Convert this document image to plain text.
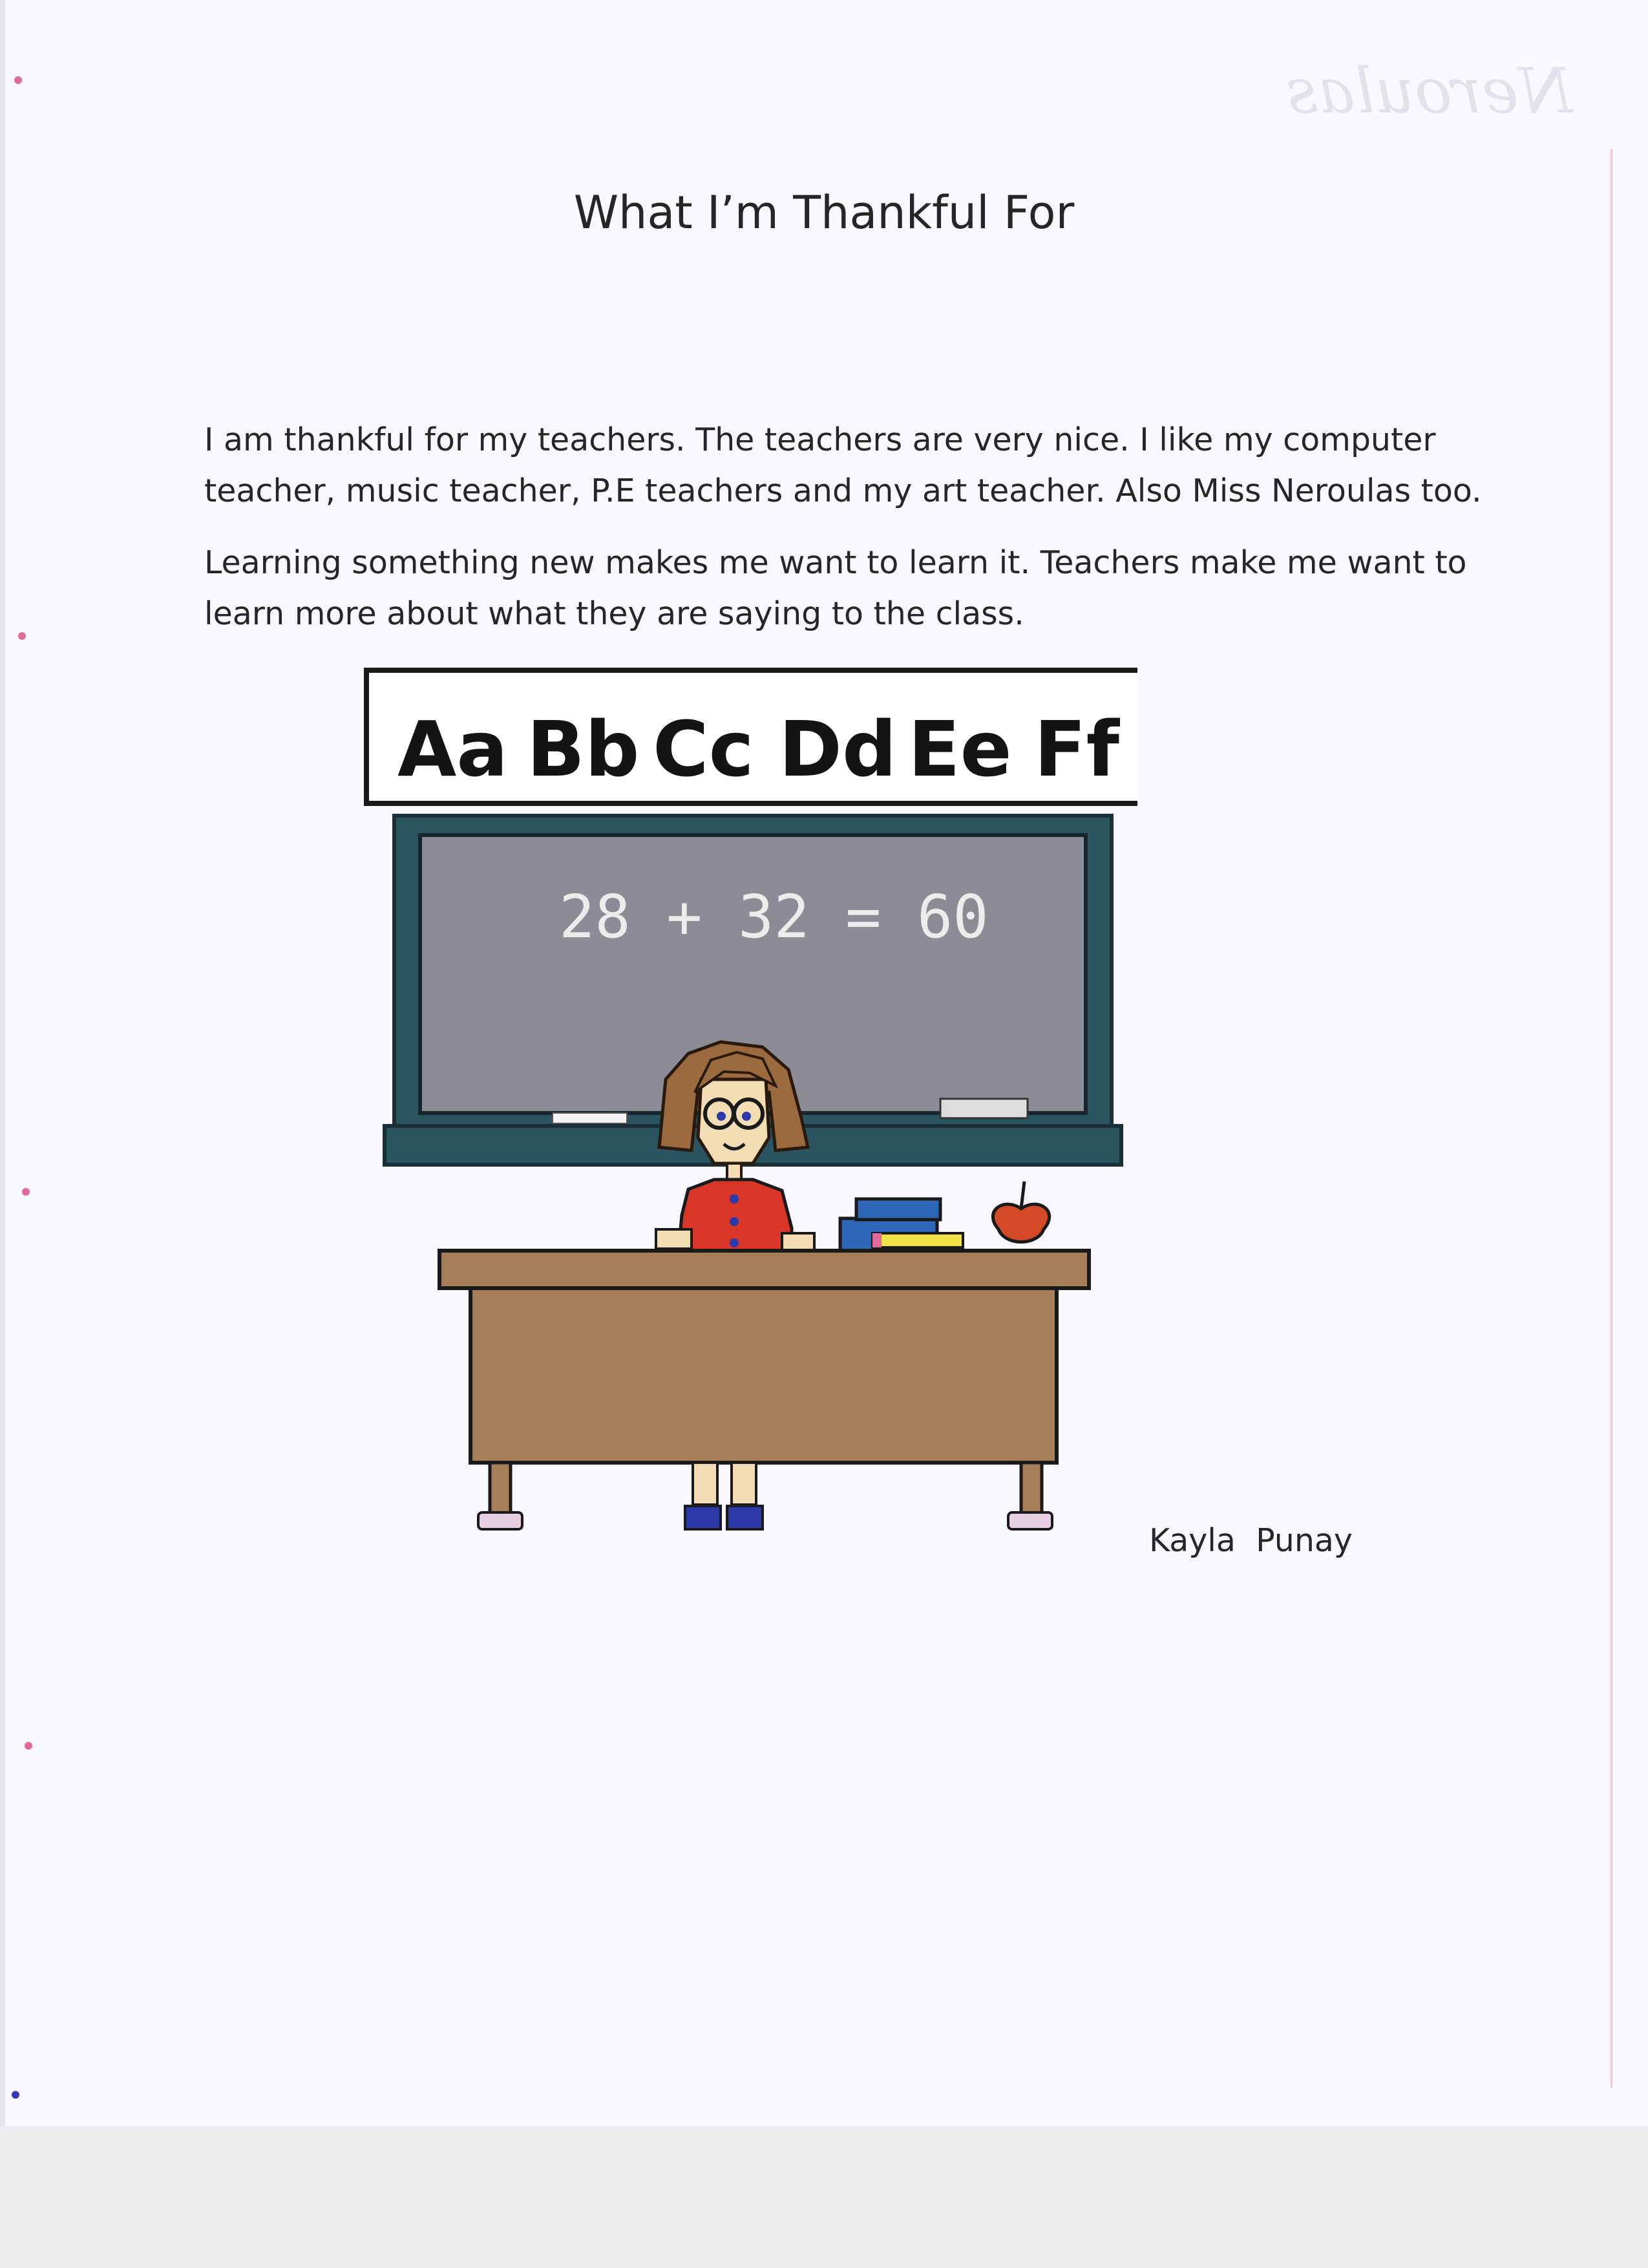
Neroulas
What I’m Thankful For

I am thankful for my teachers. The teachers are very nice. I like my computer teacher, music teacher, P.E teachers and my art teacher. Also Miss Neroulas too.

Learning something new makes me want to learn it. Teachers make me want to learn more about what they are saying to the class.

Aa Bb Cc Dd Ee Ff
28 + 32 = 60

Kayla  Punay
